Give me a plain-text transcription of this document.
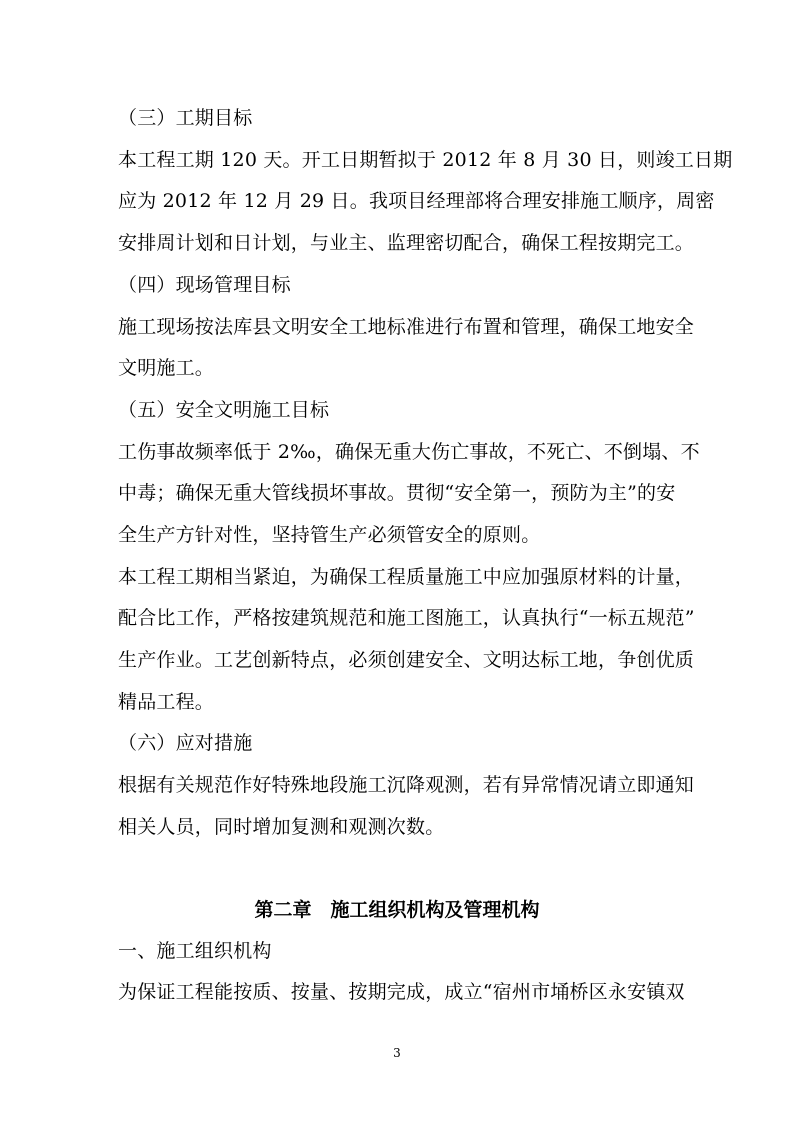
（三）工期目标
本工程工期 120 天。开工日期暂拟于 2012 年 8 月 30 日，则竣工日期
应为 2012 年 12 月 29 日。我项目经理部将合理安排施工顺序，周密
安排周计划和日计划，与业主、监理密切配合，确保工程按期完工。
（四）现场管理目标
施工现场按法库县文明安全工地标准进行布置和管理，确保工地安全
文明施工。
（五）安全文明施工目标
工伤事故频率低于 2‰，确保无重大伤亡事故，不死亡、不倒塌、不
中毒；确保无重大管线损坏事故。贯彻“安全第一，预防为主”的安
全生产方针对性，坚持管生产必须管安全的原则。
本工程工期相当紧迫，为确保工程质量施工中应加强原材料的计量，
配合比工作，严格按建筑规范和施工图施工，认真执行“一标五规范”
生产作业。工艺创新特点，必须创建安全、文明达标工地，争创优质
精品工程。
（六）应对措施
根据有关规范作好特殊地段施工沉降观测，若有异常情况请立即通知
相关人员，同时增加复测和观测次数。
第二章　施工组织机构及管理机构
一、施工组织机构
为保证工程能按质、按量、按期完成，成立“宿州市埇桥区永安镇双
3
